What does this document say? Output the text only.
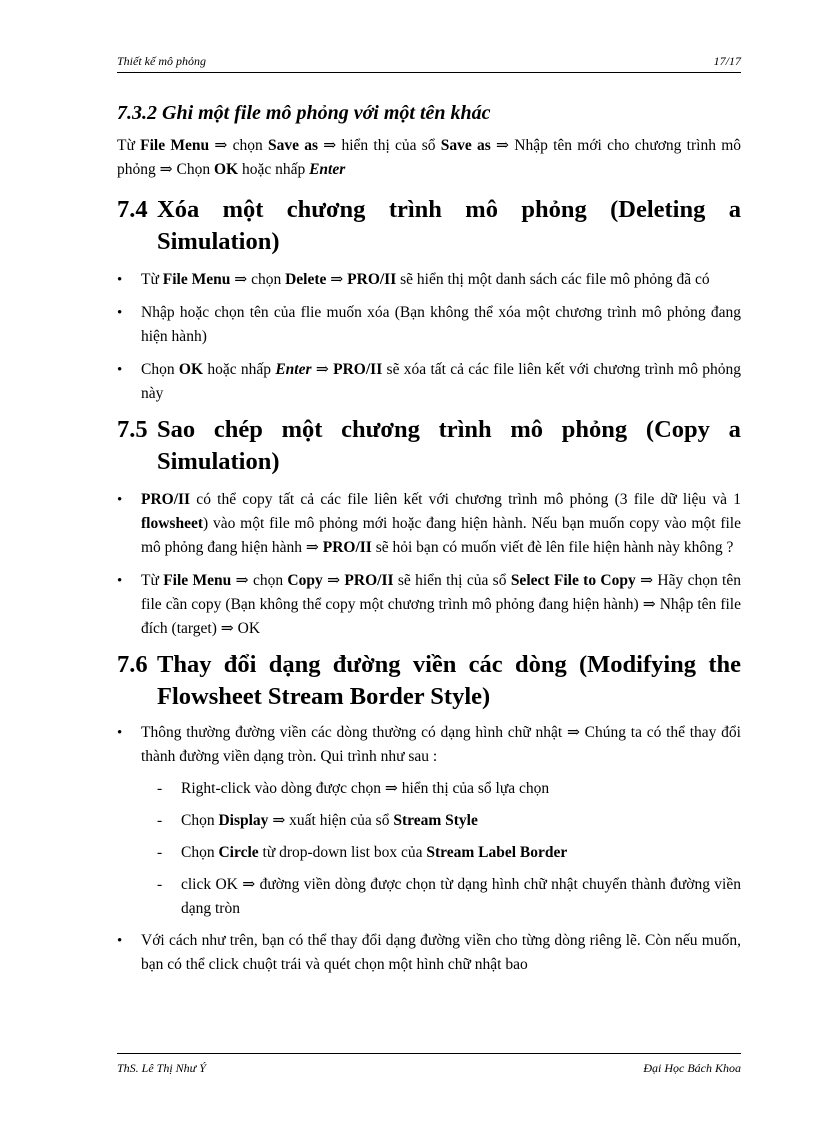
Thiết kế mô phỏng	17/17
7.3.2 Ghi một file mô phỏng với một tên khác

Từ File Menu ⇒ chọn Save as ⇒ hiển thị của sổ Save as ⇒ Nhập tên mới cho chương trình mô phỏng ⇒ Chọn OK hoặc nhấp Enter

7.4 Xóa một chương trình mô phỏng (Deleting a
Simulation)
• Từ File Menu ⇒ chọn Delete ⇒ PRO/II sẽ hiển thị một danh sách các file mô phỏng đã có
• Nhập hoặc chọn tên của flie muốn xóa (Bạn không thể xóa một chương trình mô phỏng đang hiện hành)
• Chọn OK hoặc nhấp Enter ⇒ PRO/II sẽ xóa tất cả các file liên kết với chương trình mô phỏng này
7.5 Sao chép một chương trình mô phỏng (Copy a
Simulation)
• PRO/II có thể copy tất cả các file liên kết với chương trình mô phỏng (3 file dữ liệu và 1 flowsheet) vào một file mô phỏng mới hoặc đang hiện hành. Nếu bạn muốn copy vào một file mô phỏng đang hiện hành ⇒ PRO/II sẽ hỏi bạn có muốn viết đè lên file hiện hành này không ?
• Từ File Menu ⇒ chọn Copy ⇒ PRO/II sẽ hiển thị của sổ Select File to Copy ⇒ Hãy chọn tên file cần copy (Bạn không thể copy một chương trình mô phỏng đang hiện hành) ⇒ Nhập tên file đích (target) ⇒ OK
7.6 Thay đổi dạng đường viền các dòng (Modifying the
Flowsheet Stream Border Style)
• Thông thường đường viền các dòng thường có dạng hình chữ nhật ⇒ Chúng ta có thể thay đổi thành đường viền dạng tròn. Qui trình như sau :
- Right-click vào dòng được chọn ⇒ hiển thị của sổ lựa chọn
- Chọn Display ⇒ xuất hiện của sổ Stream Style
- Chọn Circle từ drop-down list box của Stream Label Border
- click OK ⇒ đường viền dòng được chọn từ dạng hình chữ nhật chuyển thành đường viền dạng tròn
• Với cách như trên, bạn có thể thay đổi dạng đường viền cho từng dòng riêng lẽ. Còn nếu muốn, bạn có thể click chuột trái và quét chọn một hình chữ nhật bao
ThS. Lê Thị Như Ý	Đại Học Bách Khoa
